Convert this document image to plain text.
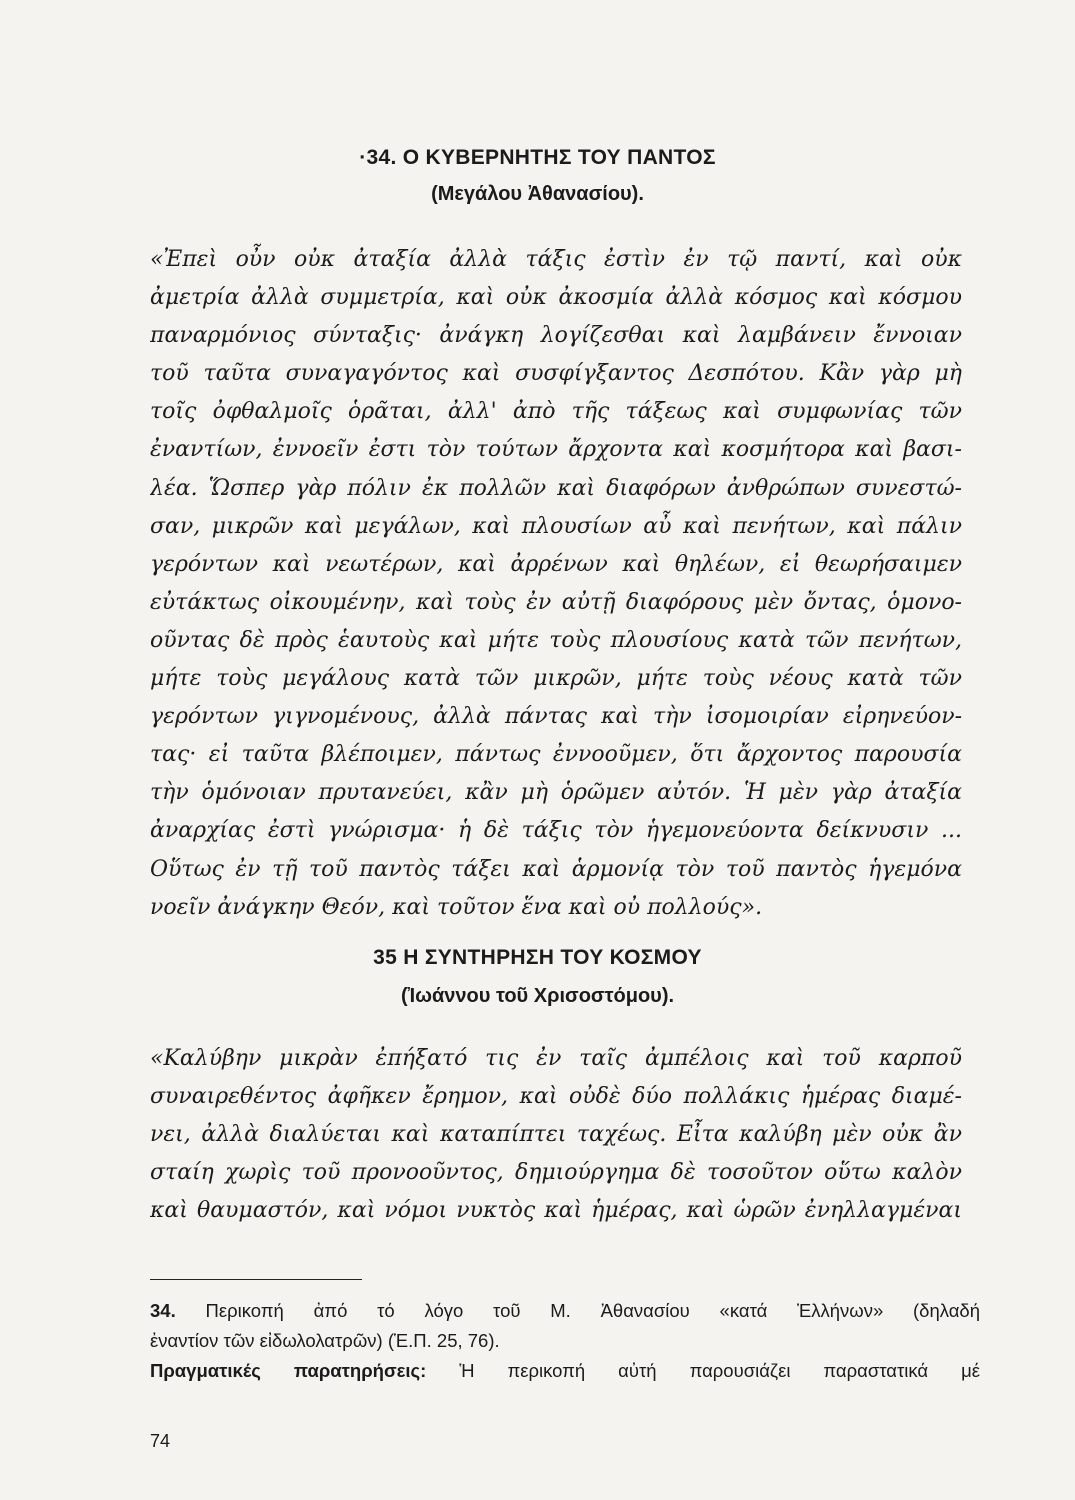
·34. Ο ΚΥΒΕΡΝΗΤΗΣ ΤΟΥ ΠΑΝΤΟΣ
(Μεγάλου Ἀθανασίου).
«Ἐπεὶ οὖν οὐκ ἀταξία ἀλλὰ τάξις ἐστὶν ἐν τῷ παντί, καὶ οὐκ
ἀμετρία ἀλλὰ συμμετρία, καὶ οὐκ ἀκοσμία ἀλλὰ κόσμος καὶ κόσμου
παναρμόνιος σύνταξις· ἀνάγκη λογίζεσθαι καὶ λαμβάνειν ἔννοιαν
τοῦ ταῦτα συναγαγόντος καὶ συσφίγξαντος Δεσπότου. Κἂν γὰρ μὴ
τοῖς ὀφθαλμοῖς ὁρᾶται, ἀλλ' ἀπὸ τῆς τάξεως καὶ συμφωνίας τῶν
ἐναντίων, ἐννοεῖν ἐστι τὸν τούτων ἄρχοντα καὶ κοσμήτορα καὶ βασι-
λέα. Ὥσπερ γὰρ πόλιν ἐκ πολλῶν καὶ διαφόρων ἀνθρώπων συνεστώ-
σαν, μικρῶν καὶ μεγάλων, καὶ πλουσίων αὖ καὶ πενήτων, καὶ πάλιν
γερόντων καὶ νεωτέρων, καὶ ἀρρένων καὶ θηλέων, εἰ θεωρήσαιμεν
εὐτάκτως οἰκουμένην, καὶ τοὺς ἐν αὐτῇ διαφόρους μὲν ὄντας, ὁμονο-
οῦντας δὲ πρὸς ἑαυτοὺς καὶ μήτε τοὺς πλουσίους κατὰ τῶν πενήτων,
μήτε τοὺς μεγάλους κατὰ τῶν μικρῶν, μήτε τοὺς νέους κατὰ τῶν
γερόντων γιγνομένους, ἀλλὰ πάντας καὶ τὴν ἰσομοιρίαν εἰρηνεύον-
τας· εἰ ταῦτα βλέποιμεν, πάντως ἐννοοῦμεν, ὅτι ἄρχοντος παρουσία
τὴν ὁμόνοιαν πρυτανεύει, κἂν μὴ ὁρῶμεν αὐτόν. Ἡ μὲν γὰρ ἀταξία
ἀναρχίας ἐστὶ γνώρισμα· ἡ δὲ τάξις τὸν ἡγεμονεύοντα δείκνυσιν ...
Οὕτως ἐν τῇ τοῦ παντὸς τάξει καὶ ἁρμονίᾳ τὸν τοῦ παντὸς ἡγεμόνα
νοεῖν ἀνάγκην Θεόν, καὶ τοῦτον ἕνα καὶ οὐ πολλούς».
35 Η ΣΥΝΤΗΡΗΣΗ ΤΟΥ ΚΟΣΜΟΥ
(Ἰωάννου τοῦ Χρισοστόμου).
«Καλύβην μικρὰν ἐπήξατό τις ἐν ταῖς ἀμπέλοις καὶ τοῦ καρποῦ
συναιρεθέντος ἀφῆκεν ἔρημον, καὶ οὐδὲ δύο πολλάκις ἡμέρας διαμέ-
νει, ἀλλὰ διαλύεται καὶ καταπίπτει ταχέως. Εἶτα καλύβη μὲν οὐκ ἂν
σταίη χωρὶς τοῦ προνοοῦντος, δημιούργημα δὲ τοσοῦτον οὕτω καλὸν
καὶ θαυμαστόν, καὶ νόμοι νυκτὸς καὶ ἡμέρας, καὶ ὡρῶν ἐνηλλαγμέναι
34. Περικοπή ἀπό τό λόγο τοῦ Μ. Ἀθανασίου «κατά Ἑλλήνων» (δηλαδή
ἐναντίον τῶν εἰδωλολατρῶν) (Ἑ.Π. 25, 76).
Πραγματικές παρατηρήσεις: Ἡ περικοπή αὐτή παρουσιάζει παραστατικά μέ
74
